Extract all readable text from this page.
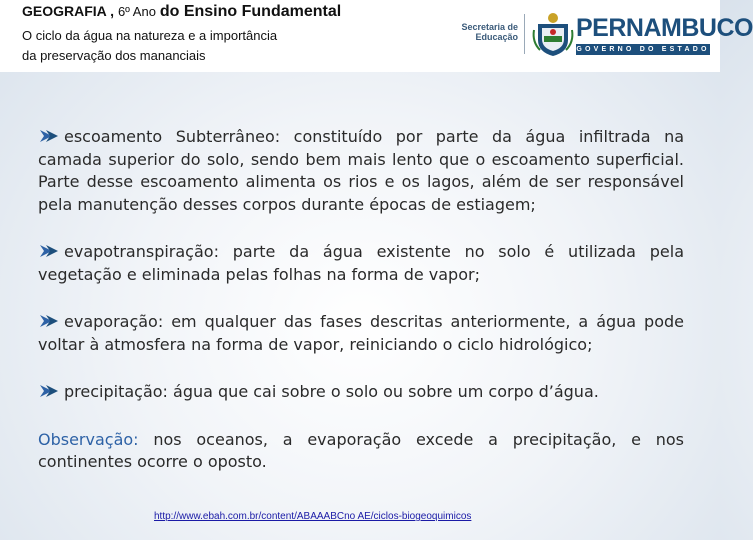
GEOGRAFIA , 6º Ano do Ensino Fundamental
O ciclo da água na natureza e a importância
da preservação dos mananciais
Secretaria de
Educação PERNAMBUCO
GOVERNO DO ESTADO

escoamento Subterrâneo: constituído por parte da água infiltrada na camada superior do solo, sendo bem mais lento que o escoamento superficial. Parte desse escoamento alimenta os rios e os lagos, além de ser responsável pela manutenção desses corpos durante épocas de estiagem;

evapotranspiração: parte da água existente no solo é utilizada pela vegetação e eliminada pelas folhas na forma de vapor;

evaporação: em qualquer das fases descritas anteriormente, a água pode voltar à atmosfera na forma de vapor, reiniciando o ciclo hidrológico;

precipitação: água que cai sobre o solo ou sobre um corpo d’água.

Observação: nos oceanos, a evaporação excede a precipitação, e nos continentes ocorre o oposto.

http://www.ebah.com.br/content/ABAAABCno AE/ciclos-biogeoquimicos
